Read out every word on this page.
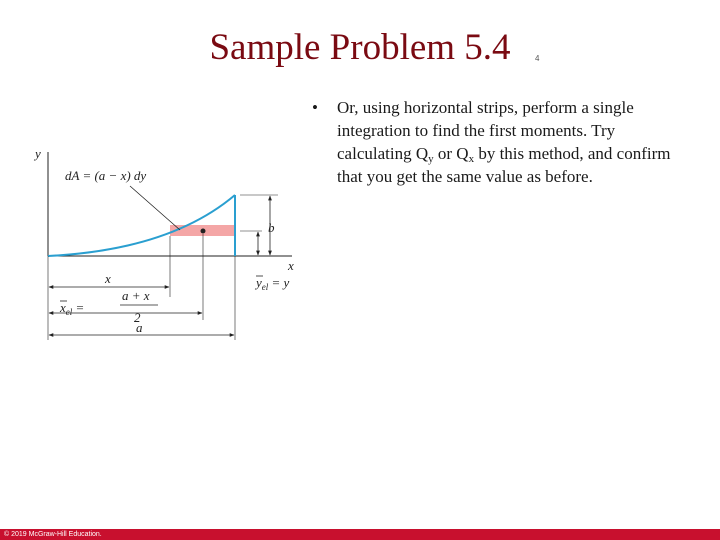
Sample Problem 5.4	4
• Or, using horizontal strips, perform a single integration to find the first moments. Try calculating $Q_y$ or $Q_x$ by this method, and confirm that you get the same value as before.
y
x
dA = (a − x) dy
b
$y_{el} = y$
x
$x_{el}$ =
a + x
2
a
© 2019 McGraw-Hill Education.
